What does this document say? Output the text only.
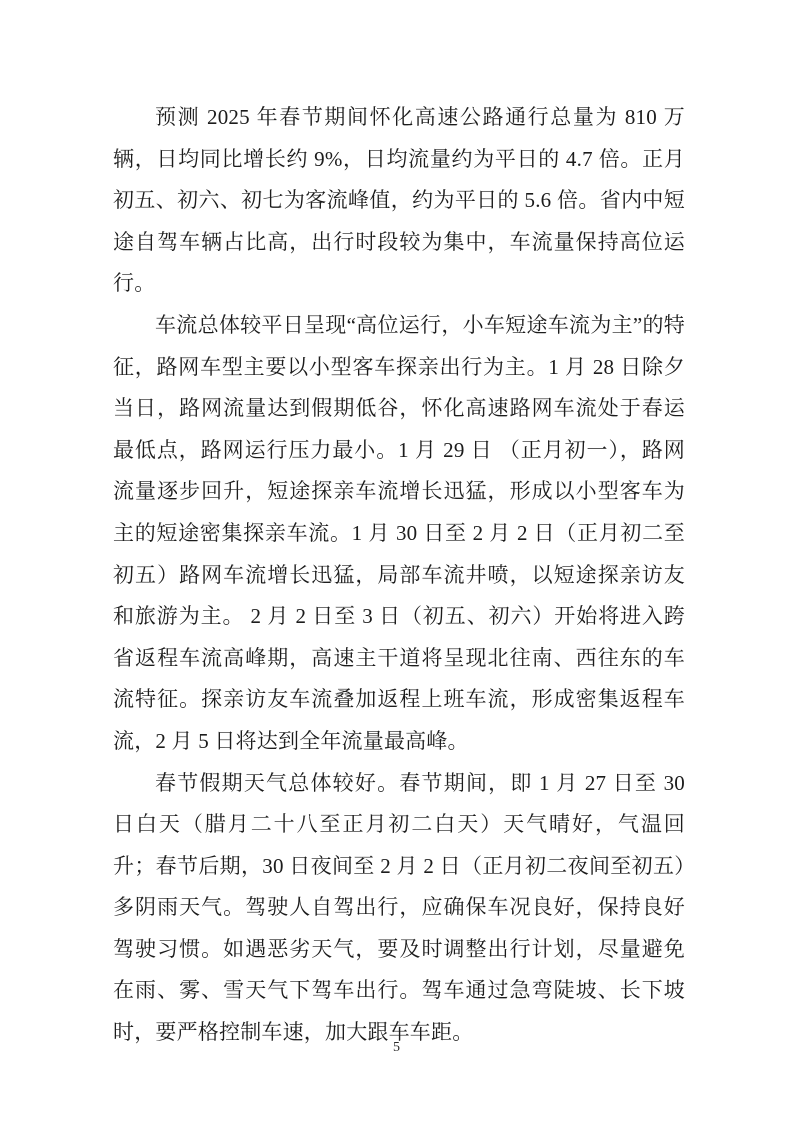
预测 2025 年春节期间怀化高速公路通行总量为 810 万辆，日均同比增长约 9%，日均流量约为平日的 4.7 倍。正月初五、初六、初七为客流峰值，约为平日的 5.6 倍。省内中短途自驾车辆占比高，出行时段较为集中，车流量保持高位运行。

车流总体较平日呈现“高位运行，小车短途车流为主”的特征，路网车型主要以小型客车探亲出行为主。1 月 28 日除夕当日，路网流量达到假期低谷，怀化高速路网车流处于春运最低点，路网运行压力最小。1 月 29 日 （正月初一），路网流量逐步回升，短途探亲车流增长迅猛，形成以小型客车为主的短途密集探亲车流。1 月 30 日至 2 月 2 日（正月初二至初五）路网车流增长迅猛，局部车流井喷，以短途探亲访友和旅游为主。 2 月 2 日至 3 日（初五、初六）开始将进入跨省返程车流高峰期，高速主干道将呈现北往南、西往东的车流特征。探亲访友车流叠加返程上班车流，形成密集返程车流，2 月 5 日将达到全年流量最高峰。

春节假期天气总体较好。春节期间，即 1 月 27 日至 30 日白天（腊月二十八至正月初二白天）天气晴好，气温回升；春节后期，30 日夜间至 2 月 2 日（正月初二夜间至初五）多阴雨天气。驾驶人自驾出行，应确保车况良好，保持良好驾驶习惯。如遇恶劣天气，要及时调整出行计划，尽量避免在雨、雾、雪天气下驾车出行。驾车通过急弯陡坡、长下坡时，要严格控制车速，加大跟车车距。

5
